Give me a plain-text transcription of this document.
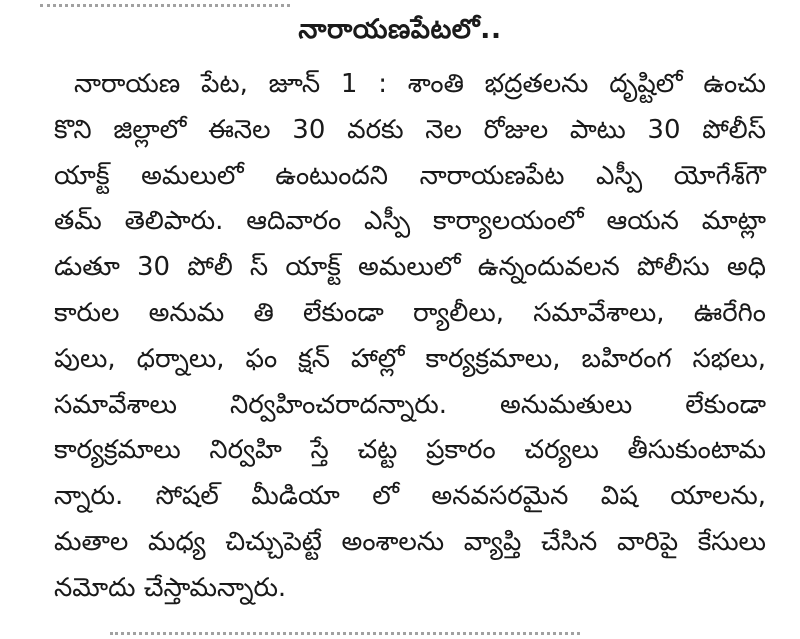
నారాయణపేటలో..
నారాయణ పేట, జూన్ 1 : శాంతి భద్రతలను దృష్టిలో ఉంచు
కొని జిల్లాలో ఈనెల 30 వరకు నెల రోజుల పాటు 30 పోలీస్
యాక్ట్ అమలులో ఉంటుందని నారాయణపేట ఎస్పీ యోగేశ్‌గౌ
తమ్ తెలిపారు. ఆదివారం ఎస్పీ కార్యాలయంలో ఆయన మాట్లా
డుతూ 30 పోలీ స్ యాక్ట్ అమలులో ఉన్నందువలన పోలీసు అధి
కారుల అనుమ తి లేకుండా ర్యాలీలు, సమావేశాలు, ఊరేగిం
పులు, ధర్నాలు, ఫం క్షన్ హాల్లో కార్యక్రమాలు, బహిరంగ సభలు,
సమావేశాలు నిర్వహించరాదన్నారు. అనుమతులు లేకుండా
కార్యక్రమాలు నిర్వహి స్తే చట్ట ప్రకారం చర్యలు తీసుకుంటామ
న్నారు. సోషల్ మీడియా లో అనవసరమైన విష యాలను,
మతాల మధ్య చిచ్చుపెట్టే అంశాలను వ్యాప్తి చేసిన వారిపై కేసులు
నమోదు చేస్తామన్నారు.
